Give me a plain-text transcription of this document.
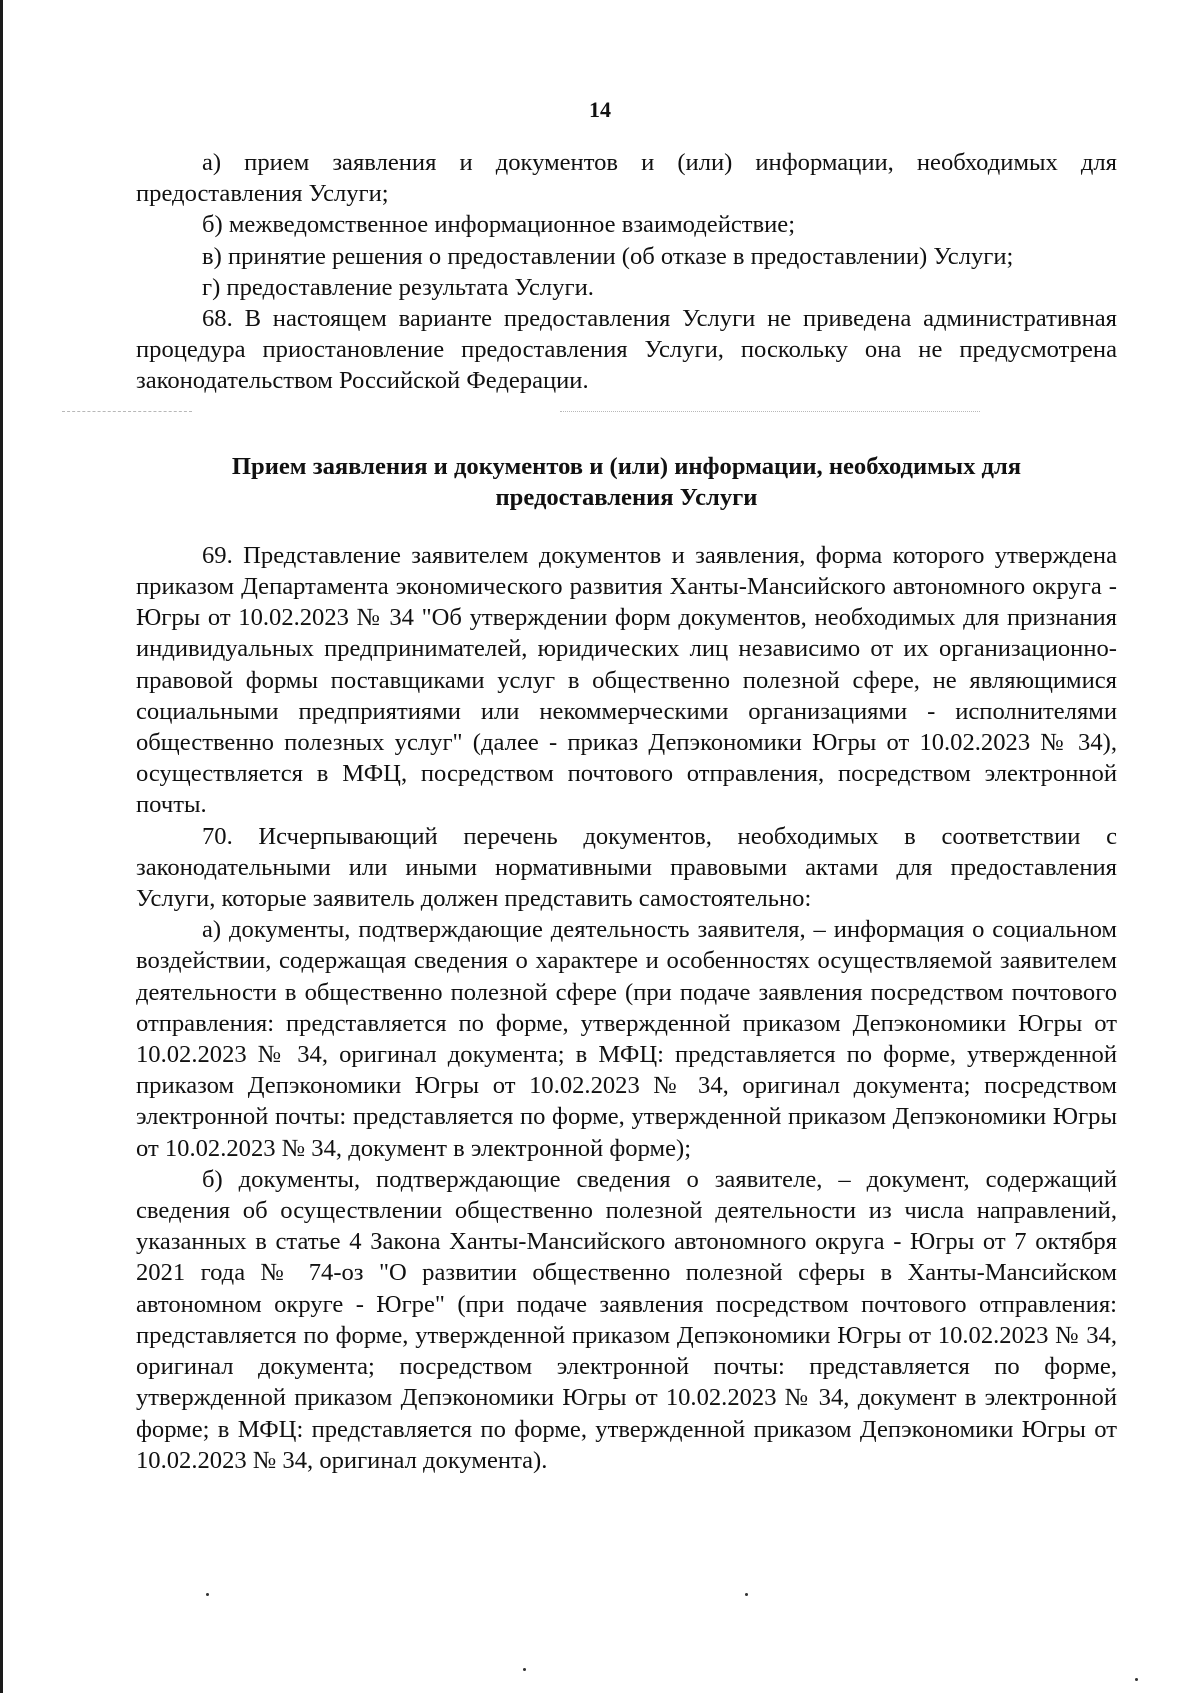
14

а) прием заявления и документов и (или) информации, необходимых для предоставления Услуги;

б) межведомственное информационное взаимодействие;

в) принятие решения о предоставлении (об отказе в предоставлении) Услуги;

г) предоставление результата Услуги.

68. В настоящем варианте предоставления Услуги не приведена административная процедура приостановление предоставления Услуги, поскольку она не предусмотрена законодательством Российской Федерации.

Прием заявления и документов и (или) информации, необходимых для предоставления Услуги

69. Представление заявителем документов и заявления, форма которого утверждена приказом Департамента экономического развития Ханты-Мансийского автономного округа - Югры от 10.02.2023 № 34 "Об утверждении форм документов, необходимых для признания индивидуальных предпринимателей, юридических лиц независимо от их организационно-правовой формы поставщиками услуг в общественно полезной сфере, не являющимися социальными предприятиями или некоммерческими организациями - исполнителями общественно полезных услуг" (далее - приказ Депэкономики Югры от 10.02.2023 № 34), осуществляется в МФЦ, посредством почтового отправления, посредством электронной почты.

70. Исчерпывающий перечень документов, необходимых в соответствии с законодательными или иными нормативными правовыми актами для предоставления Услуги, которые заявитель должен представить самостоятельно:

а) документы, подтверждающие деятельность заявителя, – информация о социальном воздействии, содержащая сведения о характере и особенностях осуществляемой заявителем деятельности в общественно полезной сфере (при подаче заявления посредством почтового отправления: представляется по форме, утвержденной приказом Депэкономики Югры от 10.02.2023 № 34, оригинал документа; в МФЦ: представляется по форме, утвержденной приказом Депэкономики Югры от 10.02.2023 № 34, оригинал документа; посредством электронной почты: представляется по форме, утвержденной приказом Депэкономики Югры от 10.02.2023 № 34, документ в электронной форме);

б) документы, подтверждающие сведения о заявителе, – документ, содержащий сведения об осуществлении общественно полезной деятельности из числа направлений, указанных в статье 4 Закона Ханты-Мансийского автономного округа - Югры от 7 октября 2021 года № 74-оз "О развитии общественно полезной сферы в Ханты-Мансийском автономном округе - Югре" (при подаче заявления посредством почтового отправления: представляется по форме, утвержденной приказом Депэкономики Югры от 10.02.2023 № 34, оригинал документа; посредством электронной почты: представляется по форме, утвержденной приказом Депэкономики Югры от 10.02.2023 № 34, документ в электронной форме; в МФЦ: представляется по форме, утвержденной приказом Депэкономики Югры от 10.02.2023 № 34, оригинал документа).
